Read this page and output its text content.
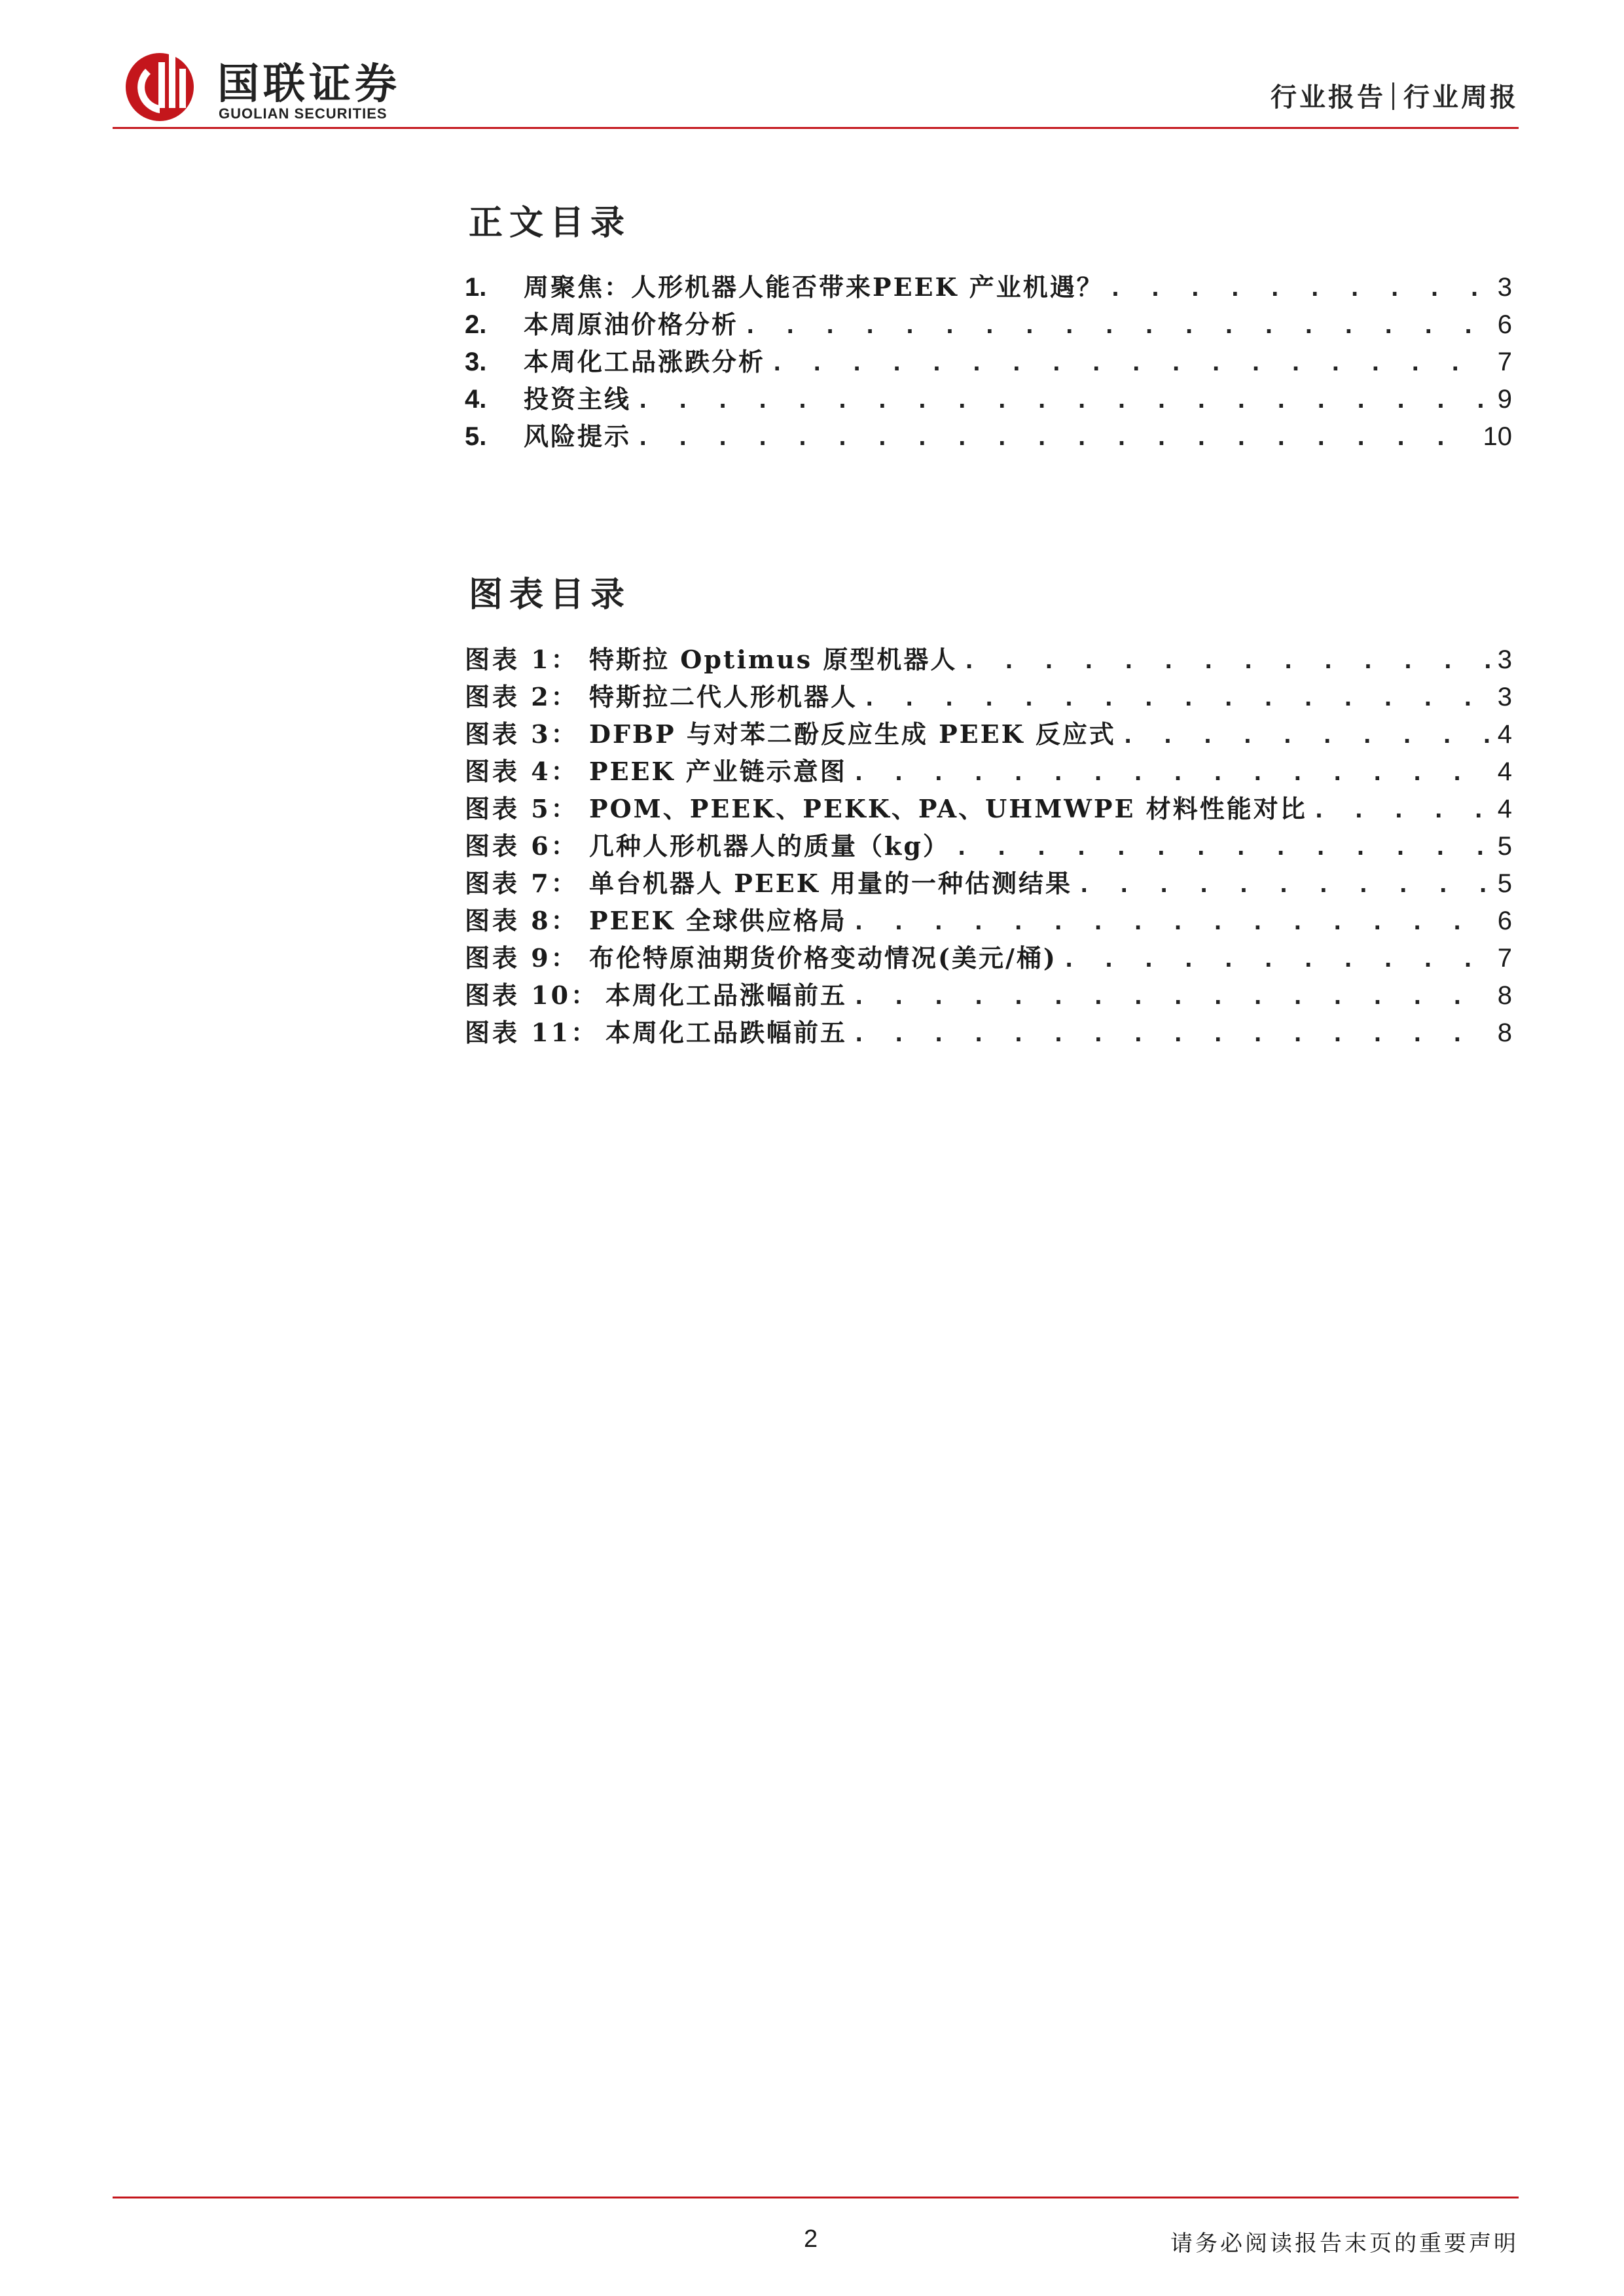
国联证券
GUOLIAN SECURITIES
行业报告 行业周报
正文目录
1.	周聚焦：人形机器人能否带来PEEK 产业机遇？ . . .	3
2.	本周原油价格分析 . . .	6
3.	本周化工品涨跌分析 . . .	7
4.	投资主线 . . .	9
5.	风险提示 . . .	10
图表目录
图表 1： 特斯拉 Optimus 原型机器人 . . .	3
图表 2： 特斯拉二代人形机器人 . . .	3
图表 3： DFBP 与对苯二酚反应生成 PEEK 反应式 . . .	4
图表 4： PEEK 产业链示意图 . . .	4
图表 5： POM、PEEK、PEKK、PA、UHMWPE 材料性能对比 . . .	4
图表 6： 几种人形机器人的质量（kg） . . .	5
图表 7： 单台机器人 PEEK 用量的一种估测结果 . . .	5
图表 8： PEEK 全球供应格局 . . .	6
图表 9： 布伦特原油期货价格变动情况(美元/桶) . . .	7
图表 10： 本周化工品涨幅前五 . . .	8
图表 11： 本周化工品跌幅前五 . . .	8
2	请务必阅读报告末页的重要声明
